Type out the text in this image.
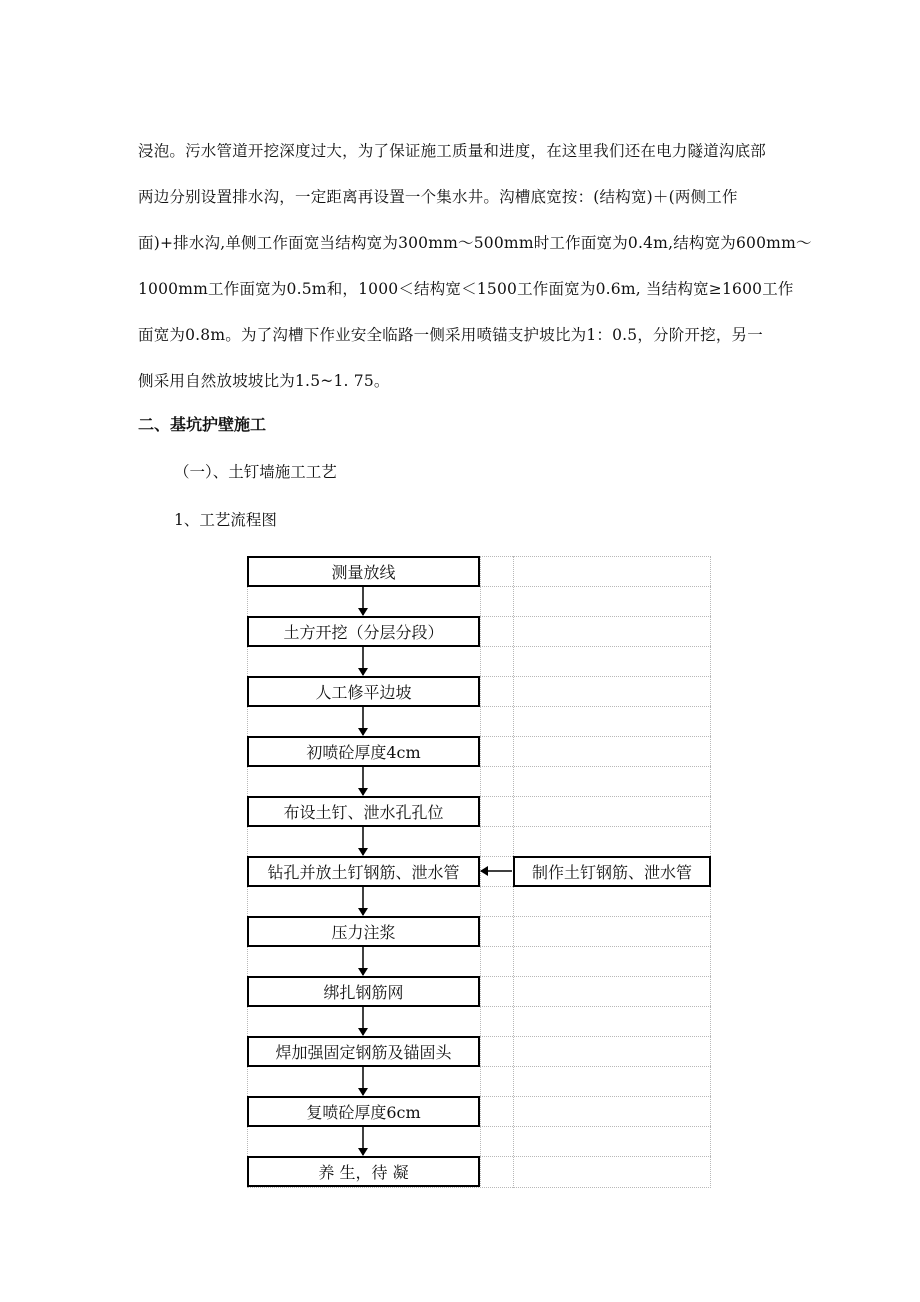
浸泡。污水管道开挖深度过大，为了保证施工质量和进度，在这里我们还在电力隧道沟底部

两边分别设置排水沟，一定距离再设置一个集水井。沟槽底宽按：(结构宽)＋(两侧工作

面)+排水沟,单侧工作面宽当结构宽为300mm～500mm时工作面宽为0.4m,结构宽为600mm～

1000mm工作面宽为0.5m和，1000＜结构宽＜1500工作面宽为0.6m, 当结构宽≥1600工作

面宽为0.8m。为了沟槽下作业安全临路一侧采用喷锚支护坡比为1：0.5，分阶开挖，另一

侧采用自然放坡坡比为1.5~1. 75。

二、基坑护壁施工
（一）、土钉墙施工工艺
1、工艺流程图
测量放线
土方开挖（分层分段）
人工修平边坡
初喷砼厚度4cm
布设土钉、泄水孔孔位
钻孔并放土钉钢筋、泄水管
压力注浆
绑扎钢筋网
焊加强固定钢筋及锚固头
复喷砼厚度6cm
养 生，待 凝
制作土钉钢筋、泄水管
